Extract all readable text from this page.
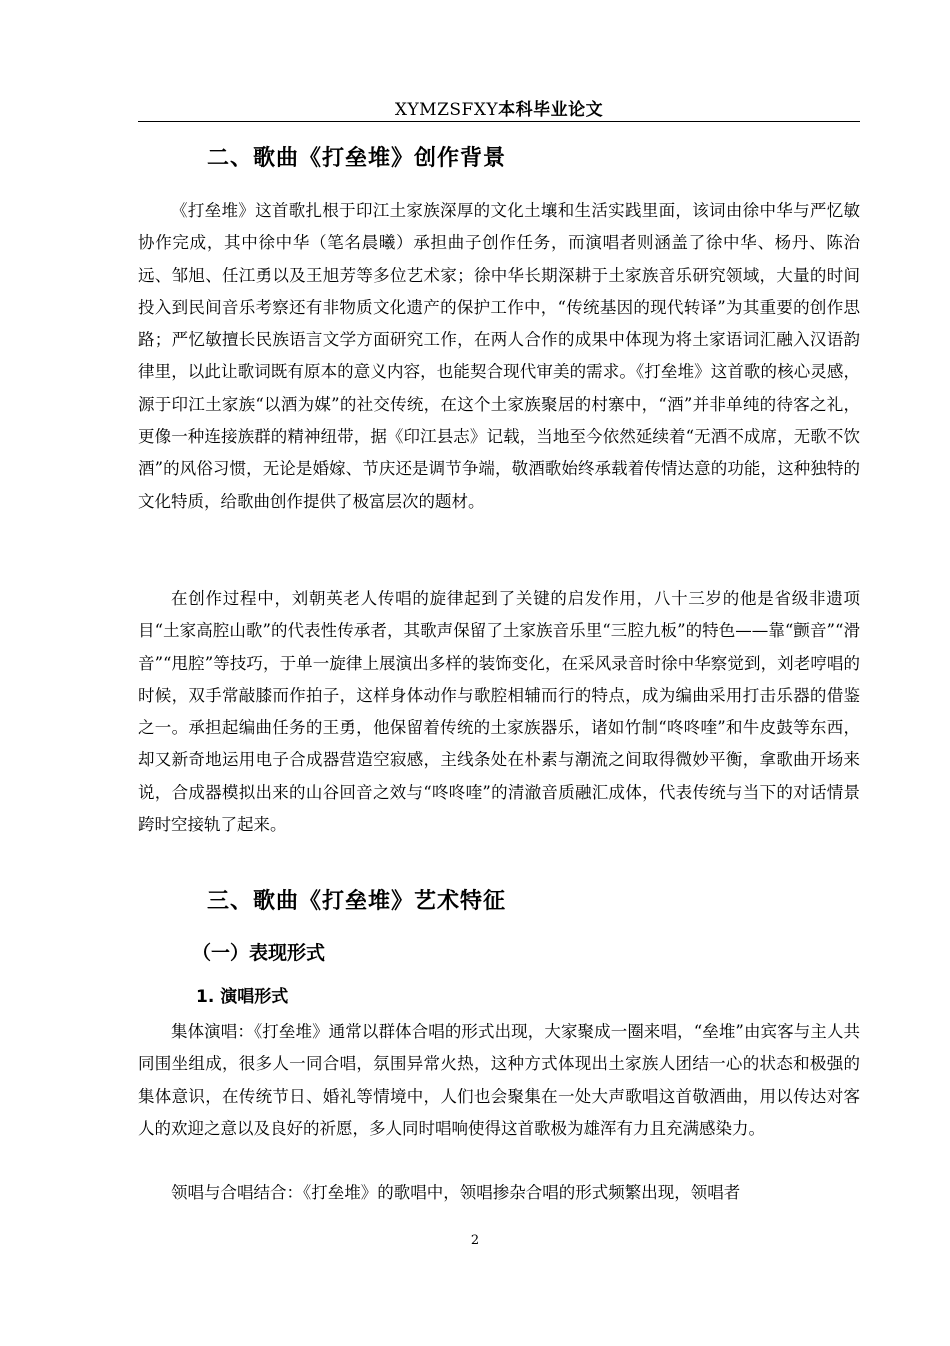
XYMZSFXY本科毕业论文
二、歌曲《打垒堆》创作背景

《打垒堆》这首歌扎根于印江土家族深厚的文化土壤和生活实践里面，该词由徐中华与严忆敏协作完成，其中徐中华（笔名晨曦）承担曲子创作任务，而演唱者则涵盖了徐中华、杨丹、陈治远、邹旭、任江勇以及王旭芳等多位艺术家；徐中华长期深耕于土家族音乐研究领域，大量的时间投入到民间音乐考察还有非物质文化遗产的保护工作中，“传统基因的现代转译”为其重要的创作思路；严忆敏擅长民族语言文学方面研究工作，在两人合作的成果中体现为将土家语词汇融入汉语韵律里，以此让歌词既有原本的意义内容，也能契合现代审美的需求。《打垒堆》这首歌的核心灵感，源于印江土家族“以酒为媒”的社交传统，在这个土家族聚居的村寨中，“酒”并非单纯的待客之礼，更像一种连接族群的精神纽带，据《印江县志》记载，当地至今依然延续着“无酒不成席，无歌不饮酒”的风俗习惯，无论是婚嫁、节庆还是调节争端，敬酒歌始终承载着传情达意的功能，这种独特的文化特质，给歌曲创作提供了极富层次的题材。

在创作过程中，刘朝英老人传唱的旋律起到了关键的启发作用，八十三岁的他是省级非遗项目“土家高腔山歌”的代表性传承者，其歌声保留了土家族音乐里“三腔九板”的特色——靠“颤音”“滑音”“甩腔”等技巧，于单一旋律上展演出多样的装饰变化，在采风录音时徐中华察觉到，刘老哼唱的时候，双手常敲膝而作拍子，这样身体动作与歌腔相辅而行的特点，成为编曲采用打击乐器的借鉴之一。承担起编曲任务的王勇，他保留着传统的土家族器乐，诸如竹制“咚咚喹”和牛皮鼓等东西，却又新奇地运用电子合成器营造空寂感，主线条处在朴素与潮流之间取得微妙平衡，拿歌曲开场来说，合成器模拟出来的山谷回音之效与“咚咚喹”的清澈音质融汇成体，代表传统与当下的对话情景跨时空接轨了起来。

三、歌曲《打垒堆》艺术特征
（一）表现形式
1. 演唱形式

集体演唱：《打垒堆》通常以群体合唱的形式出现，大家聚成一圈来唱，“垒堆”由宾客与主人共同围坐组成，很多人一同合唱，氛围异常火热，这种方式体现出土家族人团结一心的状态和极强的集体意识，在传统节日、婚礼等情境中，人们也会聚集在一处大声歌唱这首敬酒曲，用以传达对客人的欢迎之意以及良好的祈愿，多人同时唱响使得这首歌极为雄浑有力且充满感染力。

领唱与合唱结合：《打垒堆》的歌唱中，领唱掺杂合唱的形式频繁出现，领唱者

2
